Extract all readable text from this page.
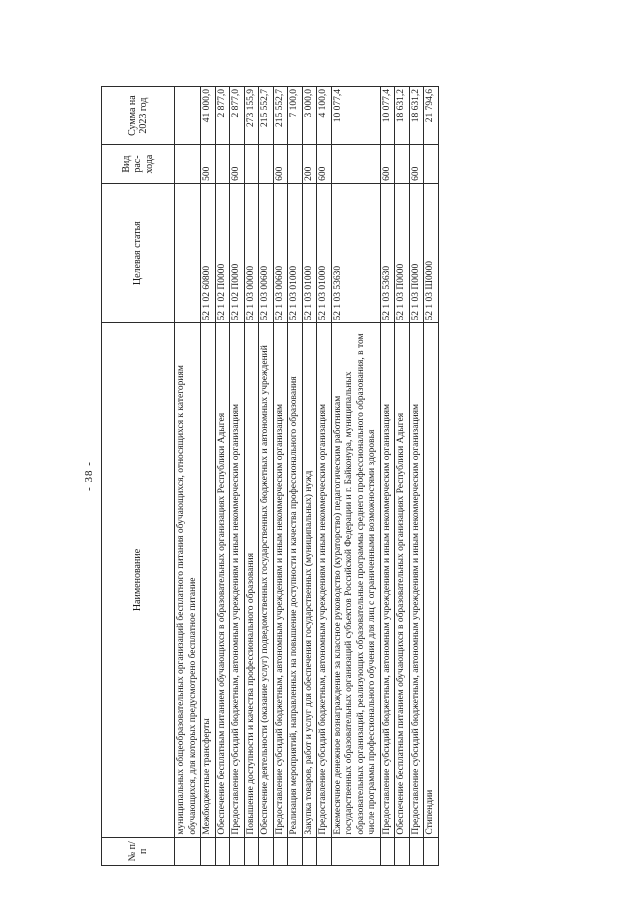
- 38 -
№ п/п	Наименование	Целевая статья	Вид рас-хода	Сумма на 2023 год
	муниципальных общеобразовательных организаций бесплатного питания обучающихся, относящихся к категориям обучающихся, для которых предусмотрено бесплатное питание			
	Межбюджетные трансферты	52 1 02 60800	500	41 000,0
	Обеспечение бесплатным питанием обучающихся в образовательных организациях Республики Адыгея	52 1 02 П0000		2 877,0
	Предоставление субсидий бюджетным, автономным учреждениям и иным некоммерческим организациям	52 1 02 П0000	600	2 877,0
	Повышение доступности и качества профессионального образования	52 1 03 00000		273 155,9
	Обеспечение деятельности (оказание услуг) подведомственных государственных бюджетных и автономных учреждений	52 1 03 00600		215 552,7
	Предоставление субсидий бюджетным, автономным учреждениям и иным некоммерческим организациям	52 1 03 00600	600	215 552,7
	Реализация мероприятий, направленных на повышение доступности и качества профессионального образования	52 1 03 01000		7 100,0
	Закупка товаров, работ и услуг для обеспечения государственных (муниципальных) нужд	52 1 03 01000	200	3 000,0
	Предоставление субсидий бюджетным, автономным учреждениям и иным некоммерческим организациям	52 1 03 01000	600	4 100,0
	Ежемесячное денежное вознаграждение за классное руководство (кураторство) педагогическим работникам государственных образовательных организаций субъектов Российской Федерации и г. Байконура, муниципальных образовательных организаций, реализующих образовательные программы среднего профессионального образования, в том числе программы профессионального обучения для лиц с ограниченными возможностями здоровья	52 1 03 53630		10 077,4
	Предоставление субсидий бюджетным, автономным учреждениям и иным некоммерческим организациям	52 1 03 53630	600	10 077,4
	Обеспечение бесплатным питанием обучающихся в образовательных организациях Республики Адыгея	52 1 03 П0000		18 631,2
	Предоставление субсидий бюджетным, автономным учреждениям и иным некоммерческим организациям	52 1 03 П0000	600	18 631,2
	Стипендии	52 1 03 Ш0000		21 794,6
